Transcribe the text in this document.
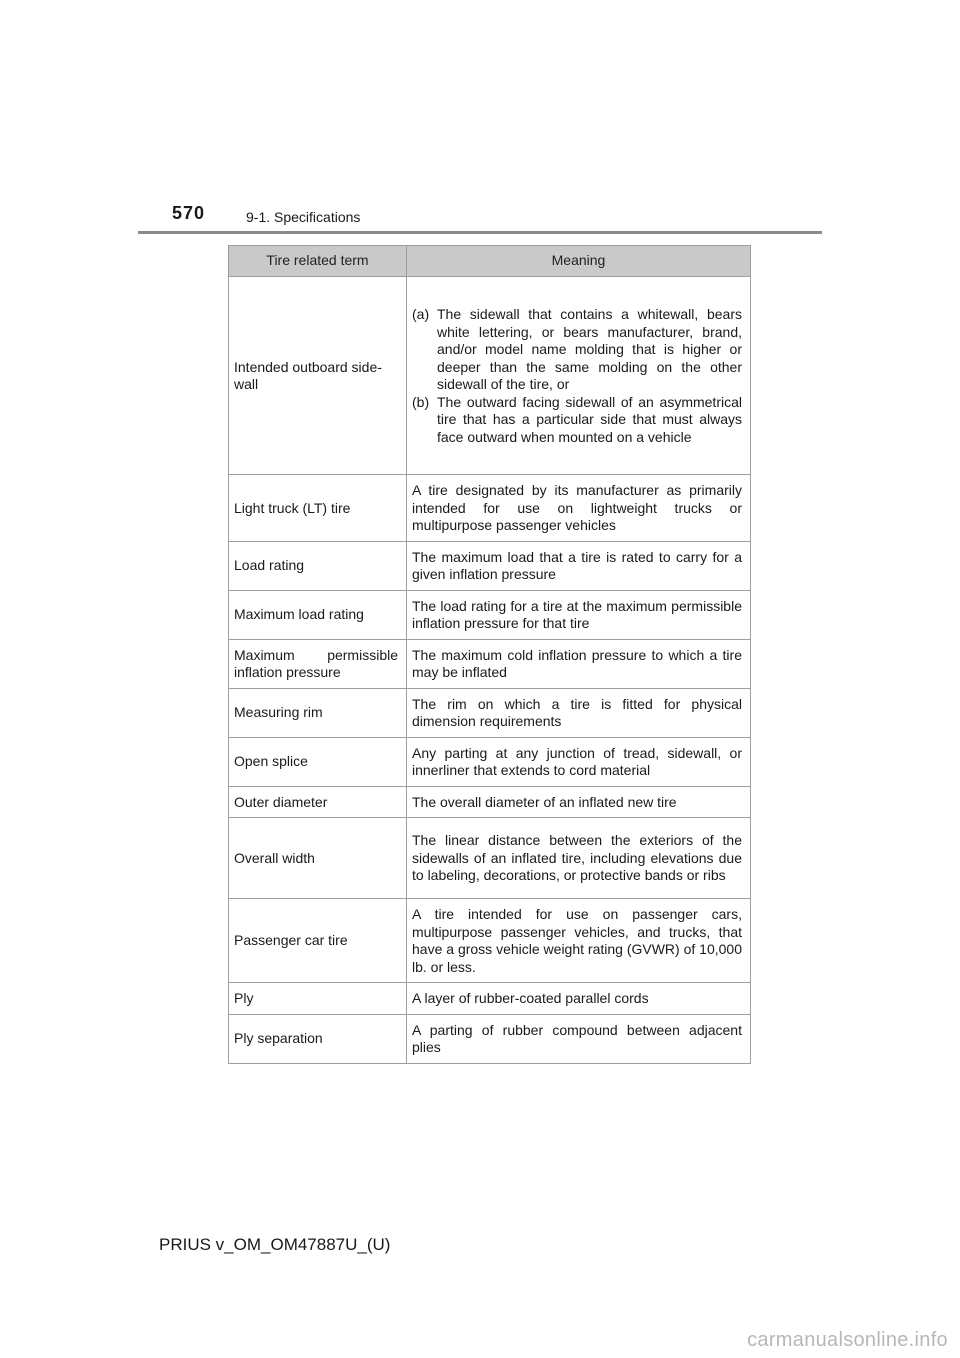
570	9-1. Specifications
Tire related term	Meaning
Intended outboard side-wall	(a) The sidewall that contains a whitewall, bears white lettering, or bears manufacturer, brand, and/or model name molding that is higher or deeper than the same molding on the other sidewall of the tire, or
(b) The outward facing sidewall of an asymmetrical tire that has a particular side that must always face outward when mounted on a vehicle

Light truck (LT) tire	A tire designated by its manufacturer as primarily intended for use on lightweight trucks or multipurpose passenger vehicles
Load rating	The maximum load that a tire is rated to carry for a given inflation pressure
Maximum load rating	The load rating for a tire at the maximum permissible inflation pressure for that tire
Maximum permissible inflation pressure	The maximum cold inflation pressure to which a tire may be inflated
Measuring rim	The rim on which a tire is fitted for physical dimension requirements
Open splice	Any parting at any junction of tread, sidewall, or innerliner that extends to cord material
Outer diameter	The overall diameter of an inflated new tire
Overall width	The linear distance between the exteriors of the sidewalls of an inflated tire, including elevations due to labeling, decorations, or protective bands or ribs
Passenger car tire	A tire intended for use on passenger cars, multipurpose passenger vehicles, and trucks, that have a gross vehicle weight rating (GVWR) of 10,000 lb. or less.
Ply	A layer of rubber-coated parallel cords
Ply separation	A parting of rubber compound between adjacent plies
PRIUS v_OM_OM47887U_(U)
carmanualsonline.info
